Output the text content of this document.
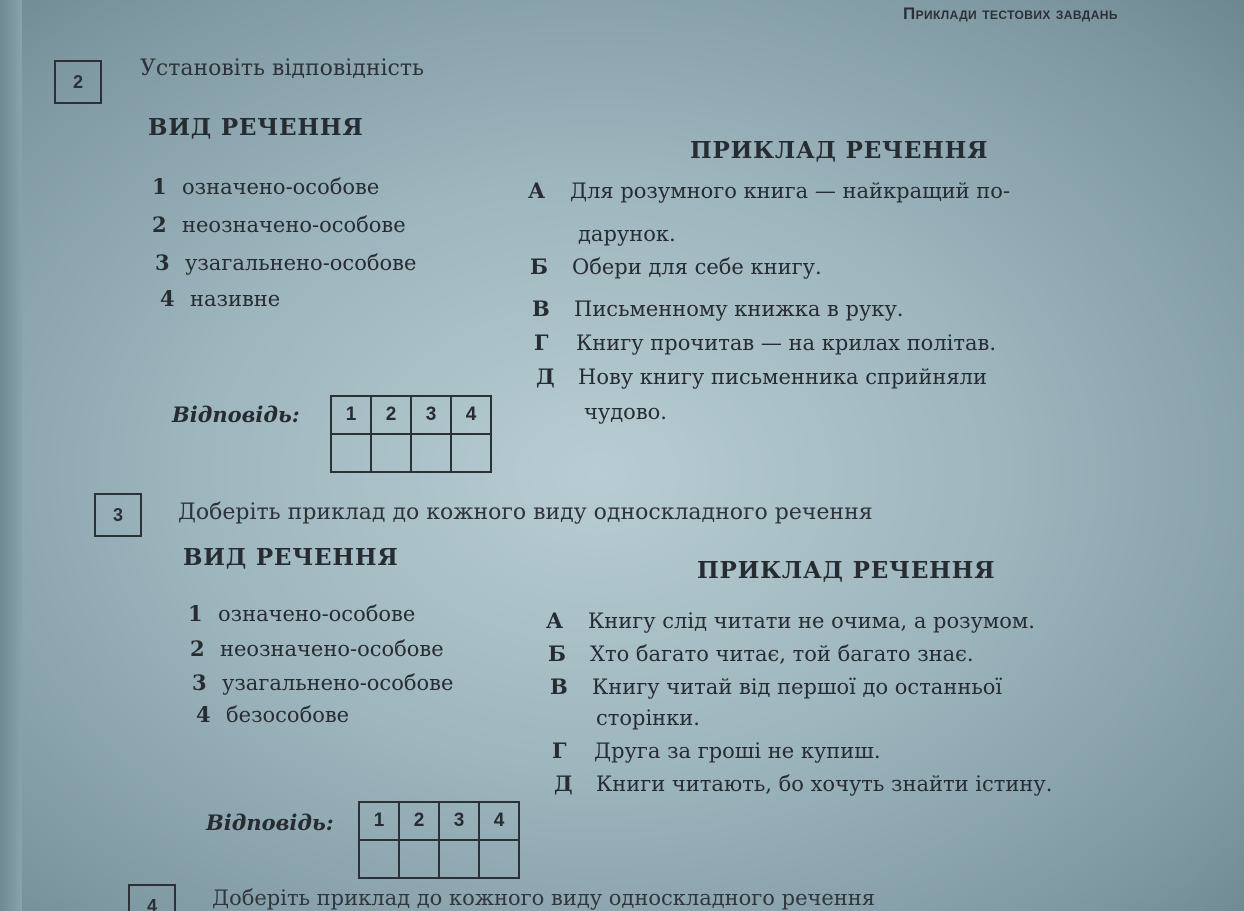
Приклади тестових завдань
2
Установіть відповідність
ВИД РЕЧЕННЯ
ПРИКЛАД РЕЧЕННЯ
1 означено-особове
2 неозначено-особове
3 узагальнено-особове
4 називне
А Для розумного книга — найкращий по-
дарунок.
Б Обери для себе книгу.
В Письменному книжка в руку.
Г Книгу прочитав — на крилах політав.
Д Нову книгу письменника сприйняли
чудово.
Відповідь: 1	2	3	4

3	Доберіть приклад до кожного виду односкладного речення
ВИД РЕЧЕННЯ	ПРИКЛАД РЕЧЕННЯ
1 означено-особове
2 неозначено-особове
3 узагальнено-особове
4 безособове
А Книгу слід читати не очима, а розумом.
Б Хто багато читає, той багато знає.
В Книгу читай від першої до останньої
сторінки.
Г Друга за гроші не купиш.
Д Книги читають, бо хочуть знайти істину.
Відповідь: 1	2	3	4

4	Доберіть приклад до кожного виду односкладного речення
